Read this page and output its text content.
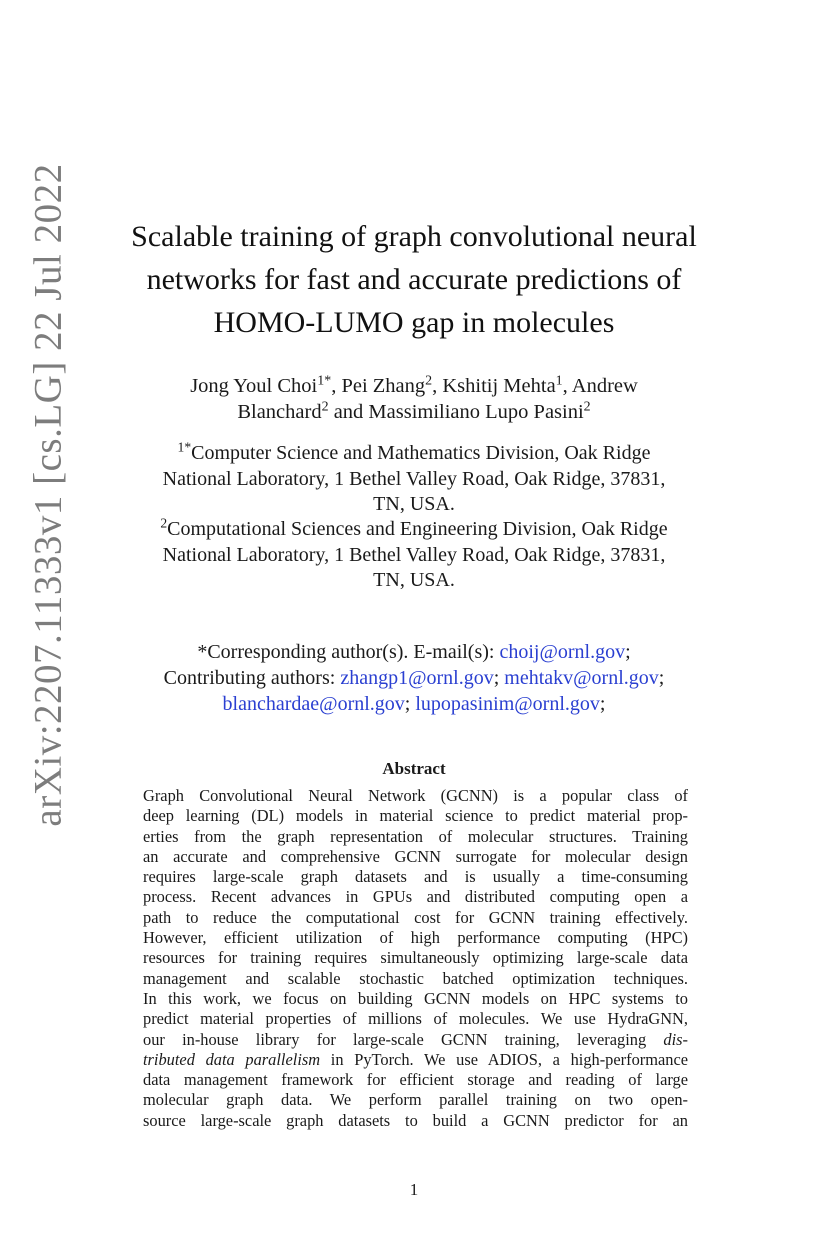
arXiv:2207.11333v1 [cs.LG] 22 Jul 2022	Scalable training of graph convolutional neural
networks for fast and accurate predictions of
HOMO-LUMO gap in molecules
Jong Youl Choi$^{1*}$, Pei Zhang$^2$, Kshitij Mehta$^1$, Andrew
Blanchard$^2$ and Massimiliano Lupo Pasini$^2$
$^{1*}$Computer Science and Mathematics Division, Oak Ridge
National Laboratory, 1 Bethel Valley Road, Oak Ridge, 37831,
TN, USA.
$^2$Computational Sciences and Engineering Division, Oak Ridge
National Laboratory, 1 Bethel Valley Road, Oak Ridge, 37831,
TN, USA.
*Corresponding author(s). E-mail(s): choij@ornl.gov;
Contributing authors: zhangp1@ornl.gov; mehtakv@ornl.gov;
blanchardae@ornl.gov; lupopasinim@ornl.gov;
Abstract
Graph Convolutional Neural Network (GCNN) is a popular class of
deep learning (DL) models in material science to predict material prop-
erties from the graph representation of molecular structures. Training
an accurate and comprehensive GCNN surrogate for molecular design
requires large-scale graph datasets and is usually a time-consuming
process. Recent advances in GPUs and distributed computing open a
path to reduce the computational cost for GCNN training effectively.
However, efficient utilization of high performance computing (HPC)
resources for training requires simultaneously optimizing large-scale data
management and scalable stochastic batched optimization techniques.
In this work, we focus on building GCNN models on HPC systems to
predict material properties of millions of molecules. We use HydraGNN,
our in-house library for large-scale GCNN training, leveraging dis-
tributed data parallelism in PyTorch. We use ADIOS, a high-performance
data management framework for efficient storage and reading of large
molecular graph data. We perform parallel training on two open-
source large-scale graph datasets to build a GCNN predictor for an
1
